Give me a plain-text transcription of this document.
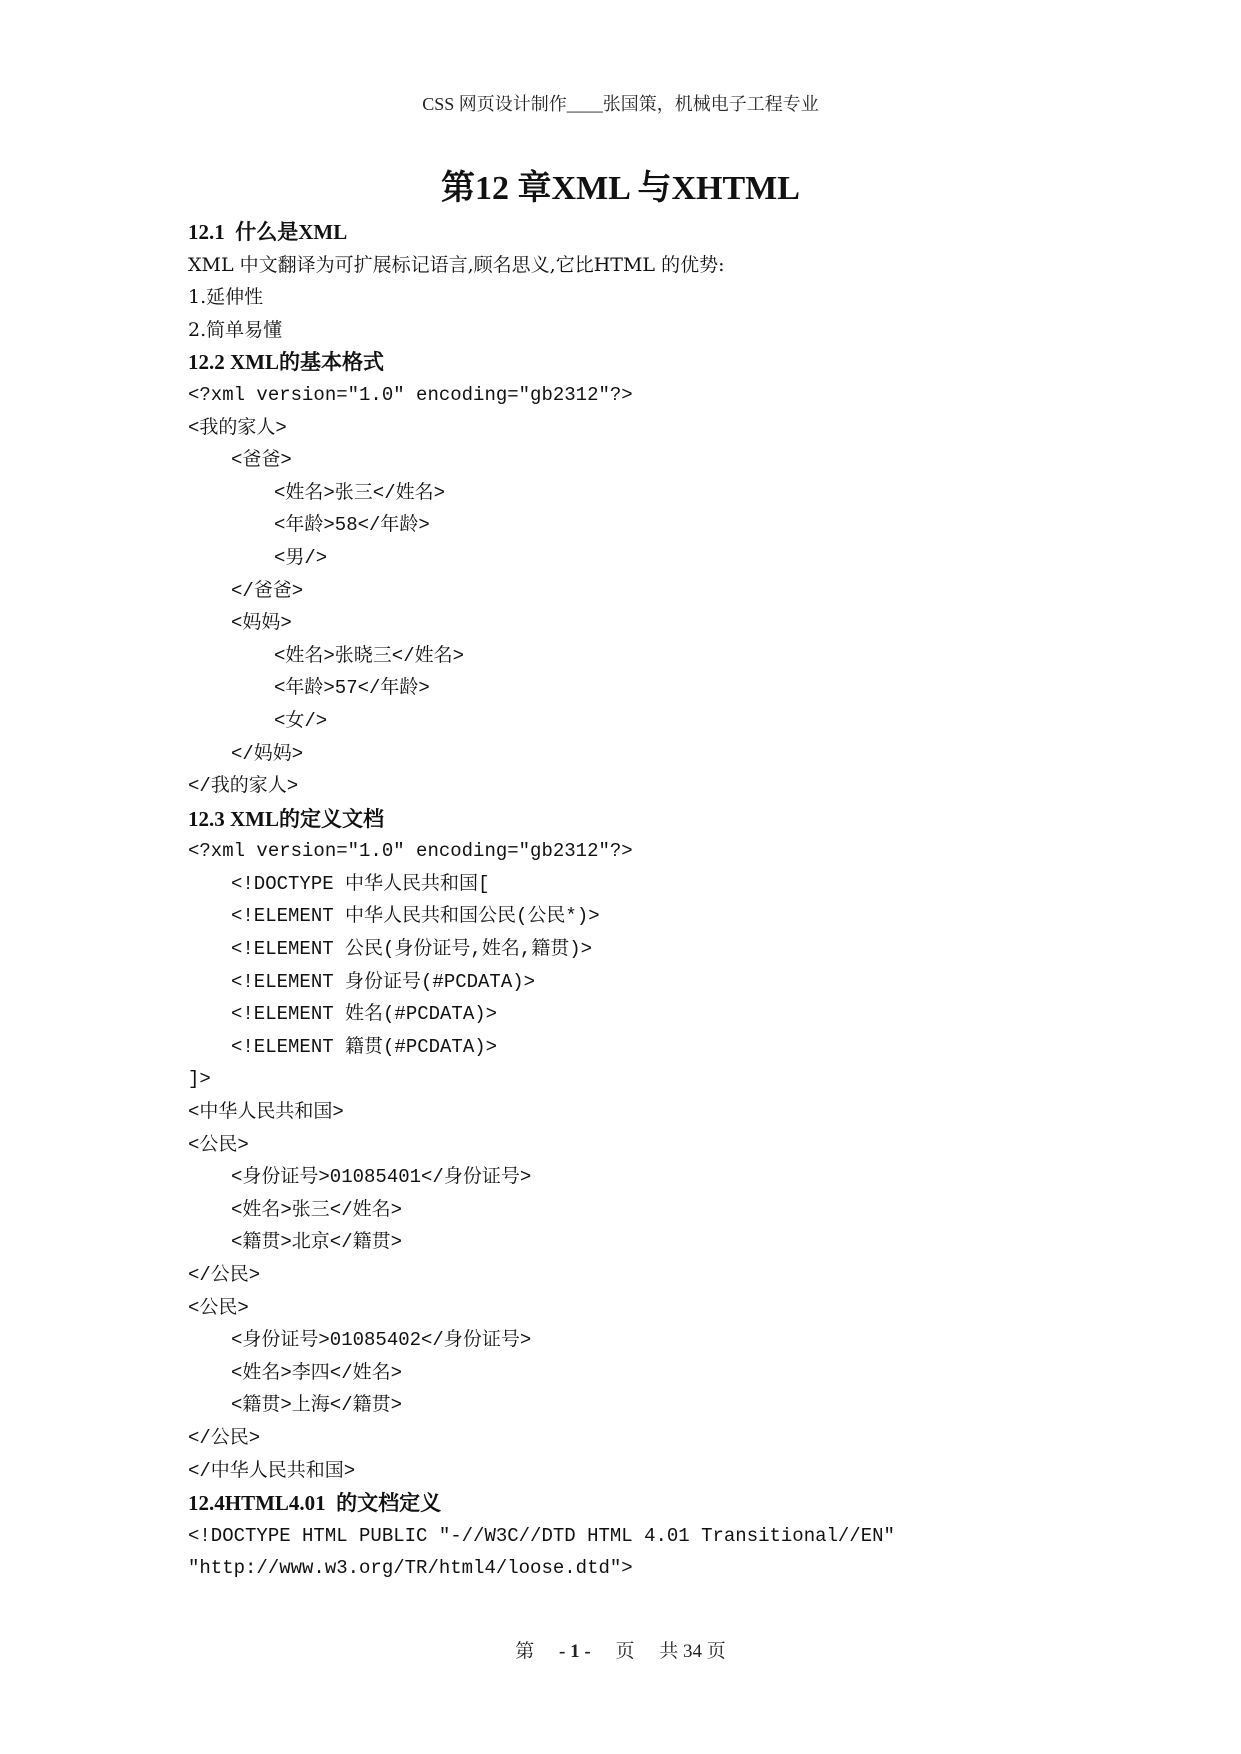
CSS 网页设计制作____张国策，机械电子工程专业
第12 章XML 与XHTML
12.1  什么是XML
XML 中文翻译为可扩展标记语言,顾名思义,它比HTML 的优势:
1.延伸性
2.简单易懂
12.2 XML的基本格式
<?xml version="1.0" encoding="gb2312"?>
<我的家人>
<爸爸>
<姓名>张三</姓名>
<年龄>58</年龄>
<男/>
</爸爸>
<妈妈>
<姓名>张晓三</姓名>
<年龄>57</年龄>
<女/>
</妈妈>
</我的家人>
12.3 XML的定义文档
<?xml version="1.0" encoding="gb2312"?>
<!DOCTYPE 中华人民共和国[
<!ELEMENT 中华人民共和国公民(公民*)>
<!ELEMENT 公民(身份证号,姓名,籍贯)>
<!ELEMENT 身份证号(#PCDATA)>
<!ELEMENT 姓名(#PCDATA)>
<!ELEMENT 籍贯(#PCDATA)>
]>
<中华人民共和国>
<公民>
<身份证号>01085401</身份证号>
<姓名>张三</姓名>
<籍贯>北京</籍贯>
</公民>
<公民>
<身份证号>01085402</身份证号>
<姓名>李四</姓名>
<籍贯>上海</籍贯>
</公民>
</中华人民共和国>
12.4HTML4.01  的文档定义
<!DOCTYPE HTML PUBLIC "-//W3C//DTD HTML 4.01 Transitional//EN"
"http://www.w3.org/TR/html4/loose.dtd">
第 - 1 - 页 共 34 页
